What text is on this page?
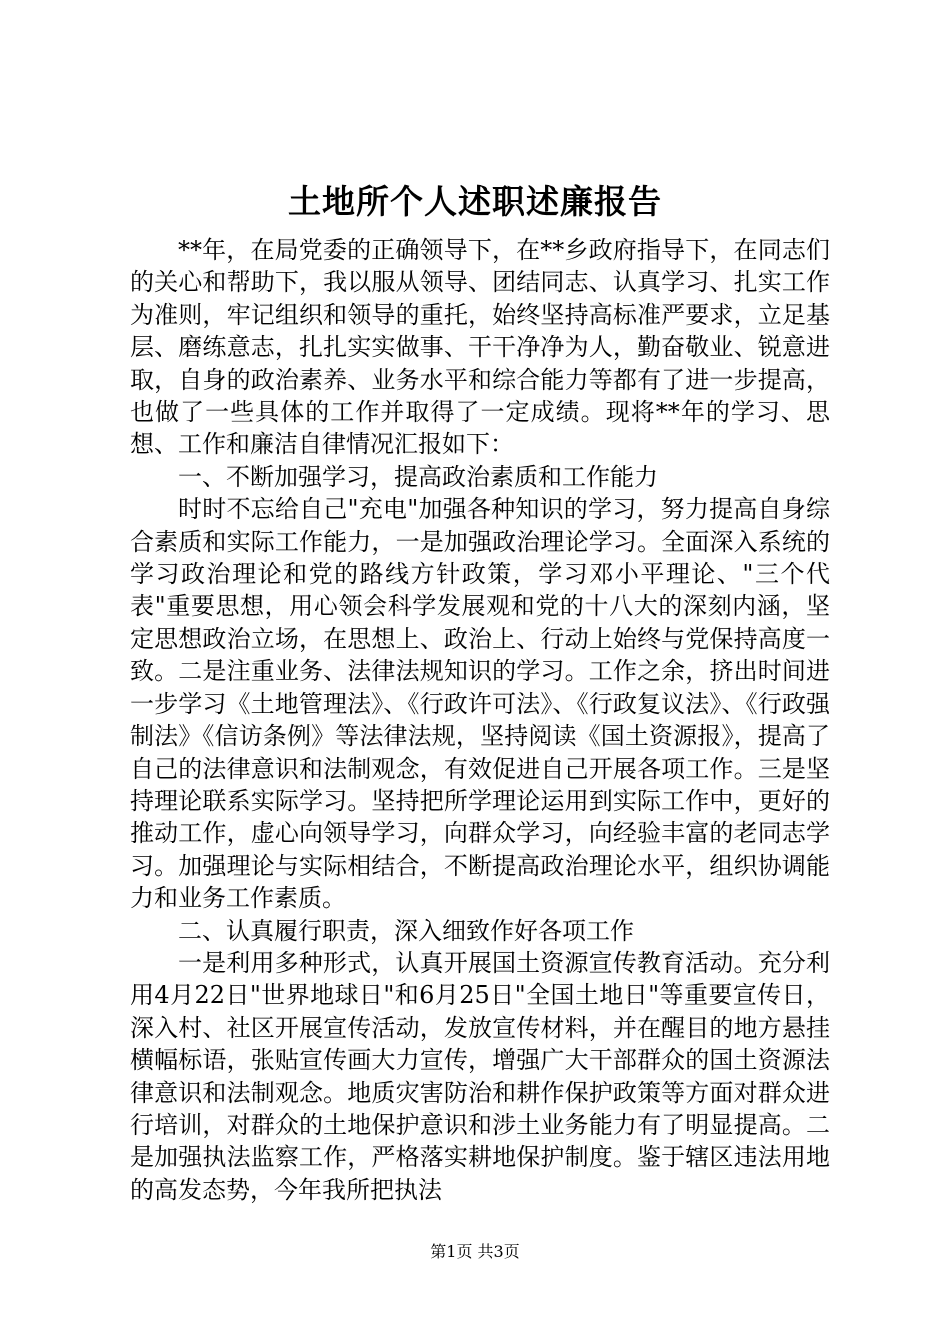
土地所个人述职述廉报告

**年，在局党委的正确领导下，在**乡政府指导下，在同志们的关心和帮助下，我以服从领导、团结同志、认真学习、扎实工作为准则，牢记组织和领导的重托，始终坚持高标准严要求，立足基层、磨练意志，扎扎实实做事、干干净净为人，勤奋敬业、锐意进取，自身的政治素养、业务水平和综合能力等都有了进一步提高，也做了一些具体的工作并取得了一定成绩。现将**年的学习、思想、工作和廉洁自律情况汇报如下：

一、不断加强学习，提高政治素质和工作能力

时时不忘给自己"充电"加强各种知识的学习，努力提高自身综合素质和实际工作能力，一是加强政治理论学习。全面深入系统的学习政治理论和党的路线方针政策，学习邓小平理论、"三个代表"重要思想，用心领会科学发展观和党的十八大的深刻内涵，坚定思想政治立场，在思想上、政治上、行动上始终与党保持高度一致。二是注重业务、法律法规知识的学习。工作之余，挤出时间进一步学习《土地管理法》、《行政许可法》、《行政复议法》、《行政强制法》《信访条例》等法律法规，坚持阅读《国土资源报》，提高了自己的法律意识和法制观念，有效促进自己开展各项工作。三是坚持理论联系实际学习。坚持把所学理论运用到实际工作中，更好的推动工作，虚心向领导学习，向群众学习，向经验丰富的老同志学习。加强理论与实际相结合，不断提高政治理论水平，组织协调能力和业务工作素质。

二、认真履行职责，深入细致作好各项工作

一是利用多种形式，认真开展国土资源宣传教育活动。充分利用4月22日"世界地球日"和6月25日"全国土地日"等重要宣传日，深入村、社区开展宣传活动，发放宣传材料，并在醒目的地方悬挂横幅标语，张贴宣传画大力宣传，增强广大干部群众的国土资源法律意识和法制观念。地质灾害防治和耕作保护政策等方面对群众进行培训，对群众的土地保护意识和涉土业务能力有了明显提高。二是加强执法监察工作，严格落实耕地保护制度。鉴于辖区违法用地的高发态势，今年我所把执法

第1页 共3页
